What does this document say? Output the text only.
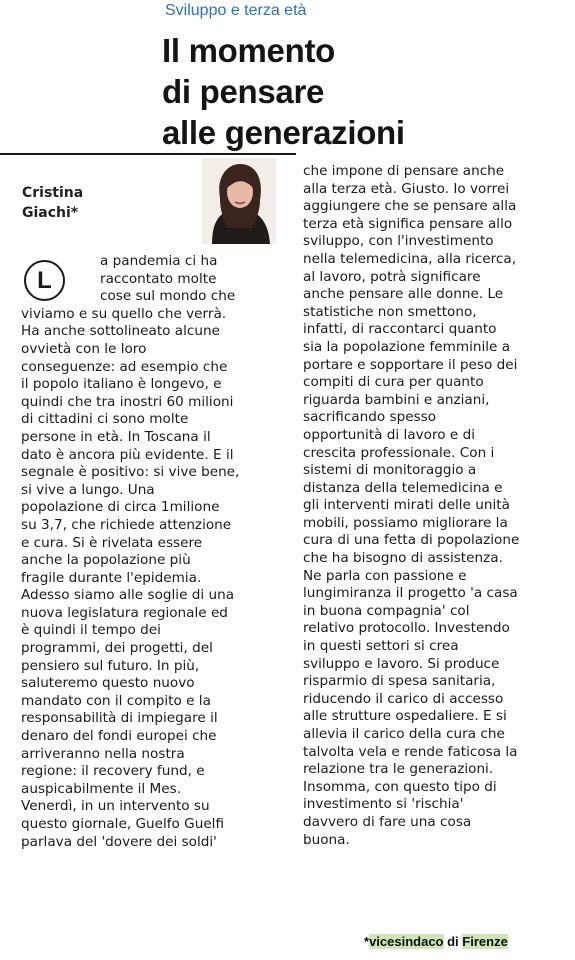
Sviluppo e terza età
Il momento
di pensare
alle generazioni
Cristina
Giachi*
L
a pandemia ci ha
raccontato molte
cose sul mondo che
viviamo e su quello che verrà.
Ha anche sottolineato alcune
ovvietà con le loro
conseguenze: ad esempio che
il popolo italiano è longevo, e
quindi che tra inostri 60 milioni
di cittadini ci sono molte
persone in età. In Toscana il
dato è ancora più evidente. E il
segnale è positivo: si vive bene,
si vive a lungo. Una
popolazione di circa 1milione
su 3,7, che richiede attenzione
e cura. Si è rivelata essere
anche la popolazione più
fragile durante l'epidemia.
Adesso siamo alle soglie di una
nuova legislatura regionale ed
è quindi il tempo dei
programmi, dei progetti, del
pensiero sul futuro. In più,
saluteremo questo nuovo
mandato con il compito e la
responsabilità di impiegare il
denaro del fondi europei che
arriveranno nella nostra
regione: il recovery fund, e
auspicabilmente il Mes.
Venerdì, in un intervento su
questo giornale, Guelfo Guelfi
parlava del 'dovere dei soldi'
che impone di pensare anche
alla terza età. Giusto. Io vorrei
aggiungere che se pensare alla
terza età significa pensare allo
sviluppo, con l'investimento
nella telemedicina, alla ricerca,
al lavoro, potrà significare
anche pensare alle donne. Le
statistiche non smettono,
infatti, di raccontarci quanto
sia la popolazione femminile a
portare e sopportare il peso dei
compiti di cura per quanto
riguarda bambini e anziani,
sacrificando spesso
opportunità di lavoro e di
crescita professionale. Con i
sistemi di monitoraggio a
distanza della telemedicina e
gli interventi mirati delle unità
mobili, possiamo migliorare la
cura di una fetta di popolazione
che ha bisogno di assistenza.
Ne parla con passione e
lungimiranza il progetto 'a casa
in buona compagnia' col
relativo protocollo. Investendo
in questi settori si crea
sviluppo e lavoro. Si produce
risparmio di spesa sanitaria,
riducendo il carico di accesso
alle strutture ospedaliere. E si
allevia il carico della cura che
talvolta vela e rende faticosa la
relazione tra le generazioni.
Insomma, con questo tipo di
investimento si 'rischia'
davvero di fare una cosa
buona.
*vicesindaco di Firenze
